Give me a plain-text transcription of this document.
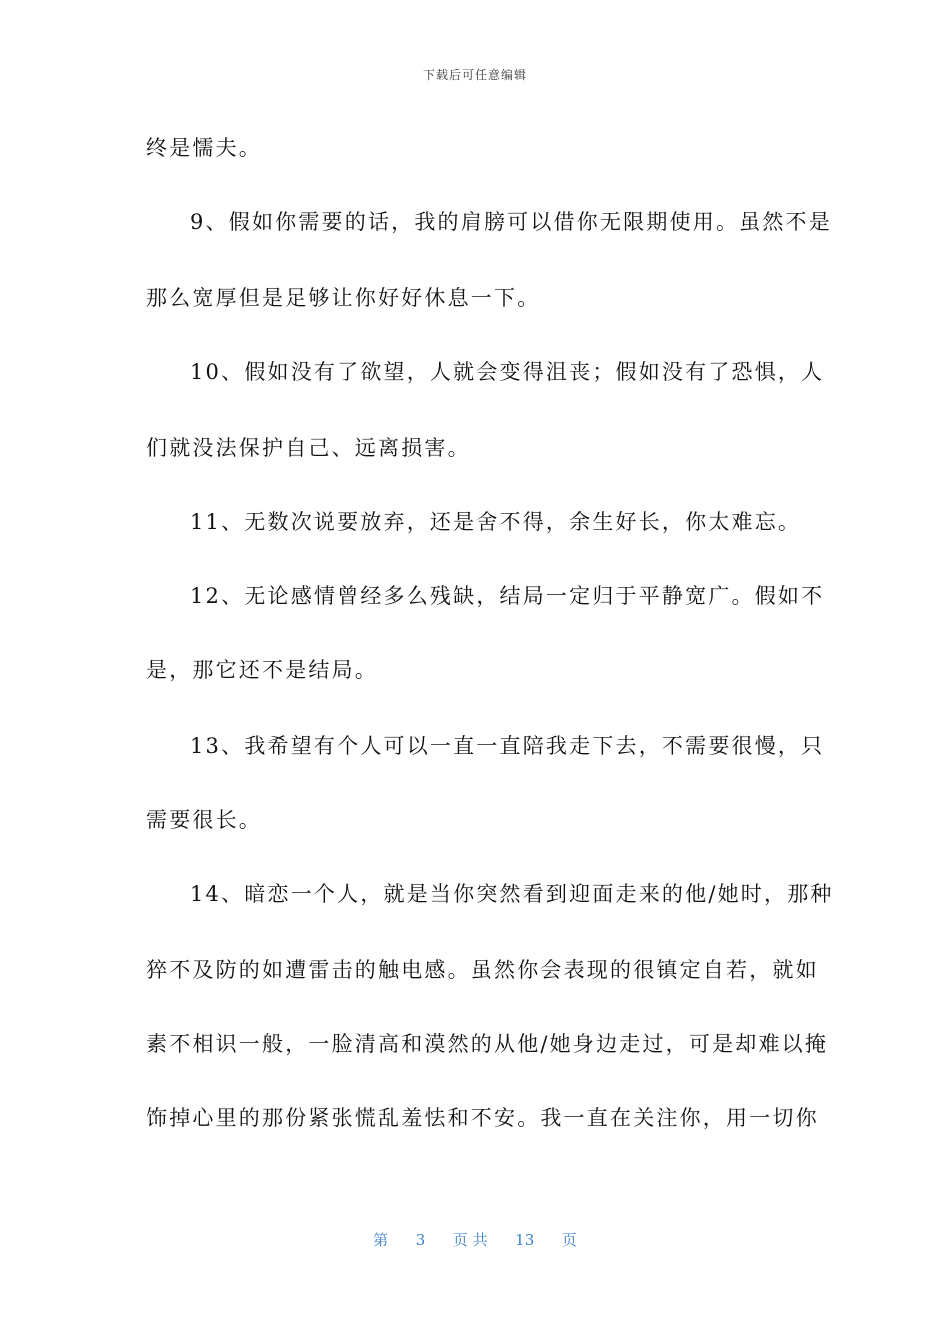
下载后可任意编辑
终是懦夫。
9、假如你需要的话，我的肩膀可以借你无限期使用。虽然不是
那么宽厚但是足够让你好好休息一下。
10、假如没有了欲望，人就会变得沮丧；假如没有了恐惧，人
们就没法保护自己、远离损害。
11、无数次说要放弃，还是舍不得，余生好长，你太难忘。
12、无论感情曾经多么残缺，结局一定归于平静宽广。假如不
是，那它还不是结局。
13、我希望有个人可以一直一直陪我走下去，不需要很慢，只
需要很长。
14、暗恋一个人，就是当你突然看到迎面走来的他/她时，那种
猝不及防的如遭雷击的触电感。虽然你会表现的很镇定自若，就如
素不相识一般，一脸清高和漠然的从他/她身边走过，可是却难以掩
饰掉心里的那份紧张慌乱羞怯和不安。我一直在关注你，用一切你
第 3 页 共 13 页
